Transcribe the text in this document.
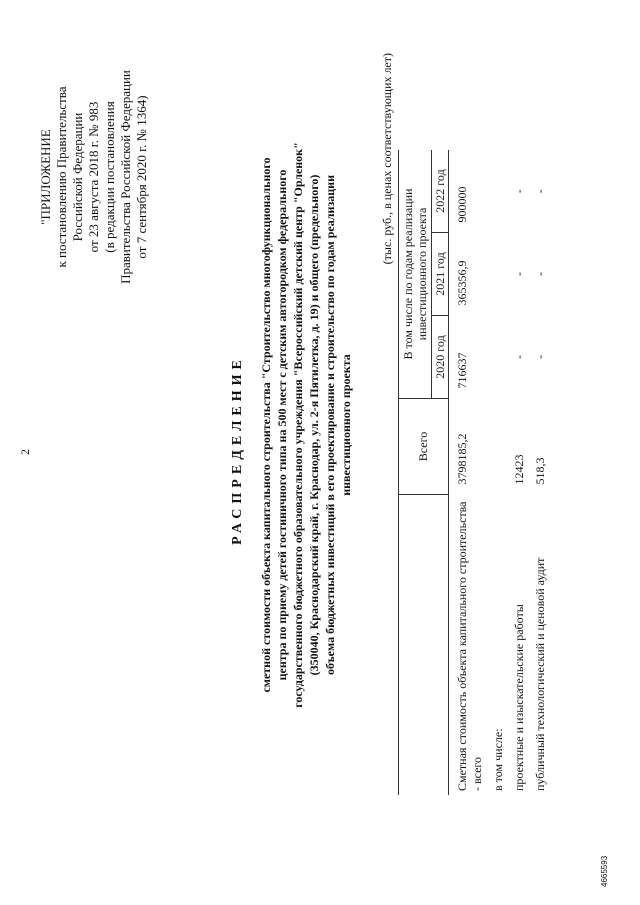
2
"ПРИЛОЖЕНИЕ к постановлению Правительства Российской Федерации от 23 августа 2018 г. № 983 (в редакции постановления Правительства Российской Федерации от 7 сентября 2020 г. № 1364)
РАСПРЕДЕЛЕНИЕ сметной стоимости объекта капитального строительства "Строительство многофункционального центра по приему детей гостиничного типа на 500 мест с детским автогородком федерального государственного бюджетного образовательного учреждения "Всероссийский детский центр "Орленок" (350040, Краснодарский край, г. Краснодар, ул. 2-я Пятилетка, д. 19) и общего (предельного) объема бюджетных инвестиций в его проектирование и строительство по годам реализации инвестиционного проекта
(тыс. руб., в ценах соответствующих лет)
	Всего	В том числе по годам реализации инвестиционного проекта		
		2020 год	2021 год	2022 год
Сметная стоимость объекта капитального строительства - всего	3798185,2	716637	365356,9	900000
в том числе:				
проектные и изыскательские работы	12423	-	-	-
публичный технологический и ценовой аудит	518,3	-	-	-
4665593
